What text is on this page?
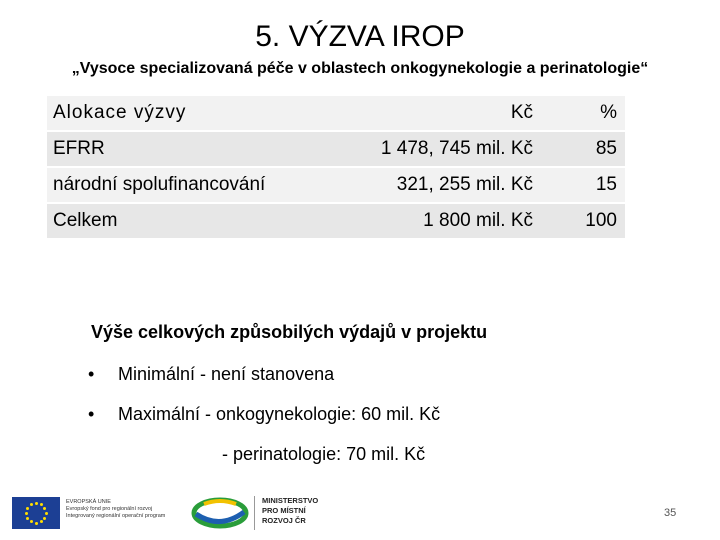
5. VÝZVA IROP
„Vysoce specializovaná péče v oblastech onkogynekologie a perinatologie“
Alokace výzvy	Kč	%
EFRR	1 478, 745 mil. Kč	85
národní spolufinancování	321, 255 mil. Kč	15
Celkem	1 800 mil. Kč	100
Výše celkových způsobilých výdajů v projektu
• Minimální - není stanovena
• Maximální - onkogynekologie: 60 mil. Kč
- perinatologie: 70 mil. Kč
EVROPSKÁ UNIE
Evropský fond pro regionální rozvoj
Integrovaný regionální operační program
MINISTERSTVO
PRO MÍSTNÍ
ROZVOJ ČR
35
